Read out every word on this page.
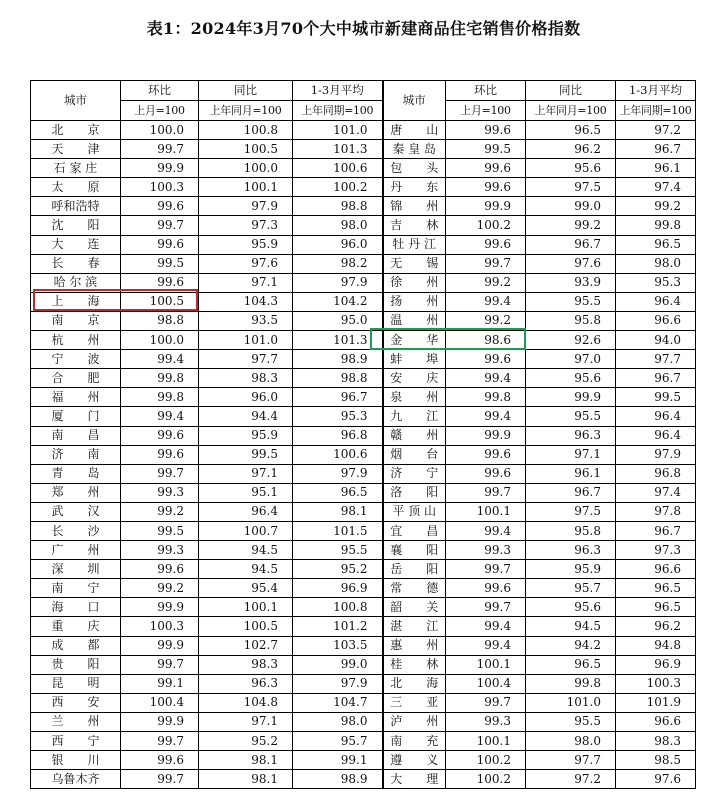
表1：2024年3月70个大中城市新建商品住宅销售价格指数
城市	环比	同比	1-3月平均	城市	环比	同比	1-3月平均
	上月=100	上年同月=100	上年同期=100		上月=100	上年同月=100	上年同期=100
北　　京	100.0	100.8	101.0	唐　　山	99.6	96.5	97.2
天　　津	99.7	100.5	101.3	秦 皇 岛	99.5	96.2	96.7
石 家 庄	99.9	100.0	100.6	包　　头	99.6	95.6	96.1
太　　原	100.3	100.1	100.2	丹　　东	99.6	97.5	97.4
呼和浩特	99.6	97.9	98.8	锦　　州	99.9	99.0	99.2
沈　　阳	99.7	97.3	98.0	吉　　林	100.2	99.2	99.8
大　　连	99.6	95.9	96.0	牡 丹 江	99.6	96.7	96.5
长　　春	99.5	97.6	98.2	无　　锡	99.7	97.6	98.0
哈 尔 滨	99.6	97.1	97.9	徐　　州	99.2	93.9	95.3
上　　海	100.5	104.3	104.2	扬　　州	99.4	95.5	96.4
南　　京	98.8	93.5	95.0	温　　州	99.2	95.8	96.6
杭　　州	100.0	101.0	101.3	金　　华	98.6	92.6	94.0
宁　　波	99.4	97.7	98.9	蚌　　埠	99.6	97.0	97.7
合　　肥	99.8	98.3	98.8	安　　庆	99.4	95.6	96.7
福　　州	99.8	96.0	96.7	泉　　州	99.8	99.9	99.5
厦　　门	99.4	94.4	95.3	九　　江	99.4	95.5	96.4
南　　昌	99.6	95.9	96.8	赣　　州	99.9	96.3	96.4
济　　南	99.6	99.5	100.6	烟　　台	99.6	97.1	97.9
青　　岛	99.7	97.1	97.9	济　　宁	99.6	96.1	96.8
郑　　州	99.3	95.1	96.5	洛　　阳	99.7	96.7	97.4
武　　汉	99.2	96.4	98.1	平 顶 山	100.1	97.5	97.8
长　　沙	99.5	100.7	101.5	宜　　昌	99.4	95.8	96.7
广　　州	99.3	94.5	95.5	襄　　阳	99.3	96.3	97.3
深　　圳	99.6	94.5	95.2	岳　　阳	99.7	95.9	96.6
南　　宁	99.2	95.4	96.9	常　　德	99.6	95.7	96.5
海　　口	99.9	100.1	100.8	韶　　关	99.7	95.6	96.5
重　　庆	100.3	100.5	101.2	湛　　江	99.4	94.5	96.2
成　　都	99.9	102.7	103.5	惠　　州	99.4	94.2	94.8
贵　　阳	99.7	98.3	99.0	桂　　林	100.1	96.5	96.9
昆　　明	99.1	96.3	97.9	北　　海	100.4	99.8	100.3
西　　安	100.4	104.8	104.7	三　　亚	99.7	101.0	101.9
兰　　州	99.9	97.1	98.0	泸　　州	99.3	95.5	96.6
西　　宁	99.7	95.2	95.7	南　　充	100.1	98.0	98.3
银　　川	99.6	98.1	99.1	遵　　义	100.2	97.7	98.5
乌鲁木齐	99.7	98.1	98.9	大　　理	100.2	97.2	97.6
